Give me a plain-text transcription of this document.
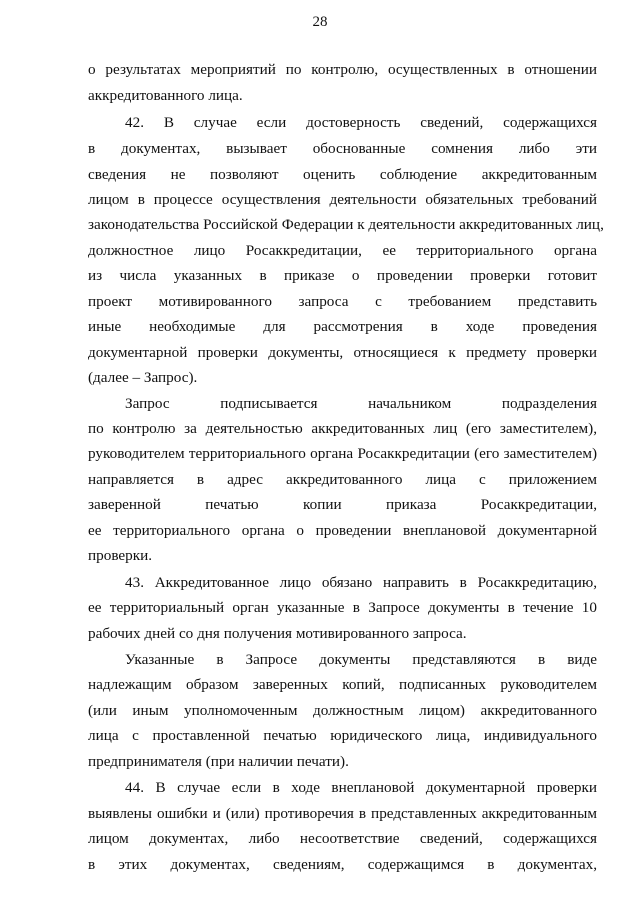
28
о результатах мероприятий по контролю, осуществленных в отношении
аккредитованного лица.
42. В случае если достоверность сведений, содержащихся
в документах, вызывает обоснованные сомнения либо эти
сведения не позволяют оценить соблюдение аккредитованным
лицом в процессе осуществления деятельности обязательных требований
законодательства Российской Федерации к деятельности аккредитованных лиц,
должностное лицо Росаккредитации, ее территориального органа
из числа указанных в приказе о проведении проверки готовит
проект мотивированного запроса с требованием представить
иные необходимые для рассмотрения в ходе проведения
документарной проверки документы, относящиеся к предмету проверки
(далее – Запрос).
Запрос подписывается начальником подразделения
по контролю за деятельностью аккредитованных лиц (его заместителем),
руководителем территориального органа Росаккредитации (его заместителем)
направляется в адрес аккредитованного лица с приложением
заверенной печатью копии приказа Росаккредитации,
ее территориального органа о проведении внеплановой документарной
проверки.
43. Аккредитованное лицо обязано направить в Росаккредитацию,
ее территориальный орган указанные в Запросе документы в течение 10
рабочих дней со дня получения мотивированного запроса.
Указанные в Запросе документы представляются в виде
надлежащим образом заверенных копий, подписанных руководителем
(или иным уполномоченным должностным лицом) аккредитованного
лица с проставленной печатью юридического лица, индивидуального
предпринимателя (при наличии печати).
44. В случае если в ходе внеплановой документарной проверки
выявлены ошибки и (или) противоречия в представленных аккредитованным
лицом документах, либо несоответствие сведений, содержащихся
в этих документах, сведениям, содержащимся в документах,
